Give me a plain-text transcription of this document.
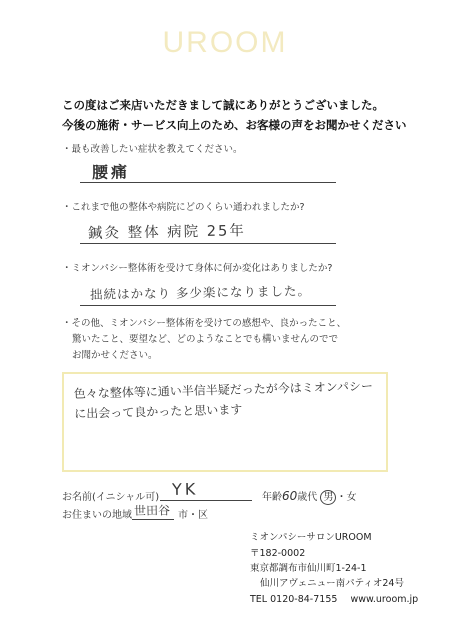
UROOM
この度はご来店いただきまして誠にありがとうございました。
今後の施術・サービス向上のため、お客様の声をお聞かせください
・最も改善したい症状を教えてください。
腰痛
・これまで他の整体や病院にどのくらい通われましたか?
鍼灸 整体 病院 25年
・ミオンパシー整体術を受けて身体に何か変化はありましたか?
拙続はかなり 多少楽になりました。
・その他、ミオンパシー整体術を受けての感想や、良かったこと、
驚いたこと、要望など、どのようなことでも構いませんのでで
お聞かせください。
色々な整体等に通い半信半疑だったが今はミオンパシーに出会って良かったと思います
お名前(イニシャル可) YK	年齢60歳代 男 ・女
お住まいの地域 世田谷 市・区
ミオンパシーサロンUROOM
〒182-0002
東京都調布市仙川町1-24-1
仙川アヴェニュー南パティオ24号
TEL 0120-84-7155 www.uroom.jp
